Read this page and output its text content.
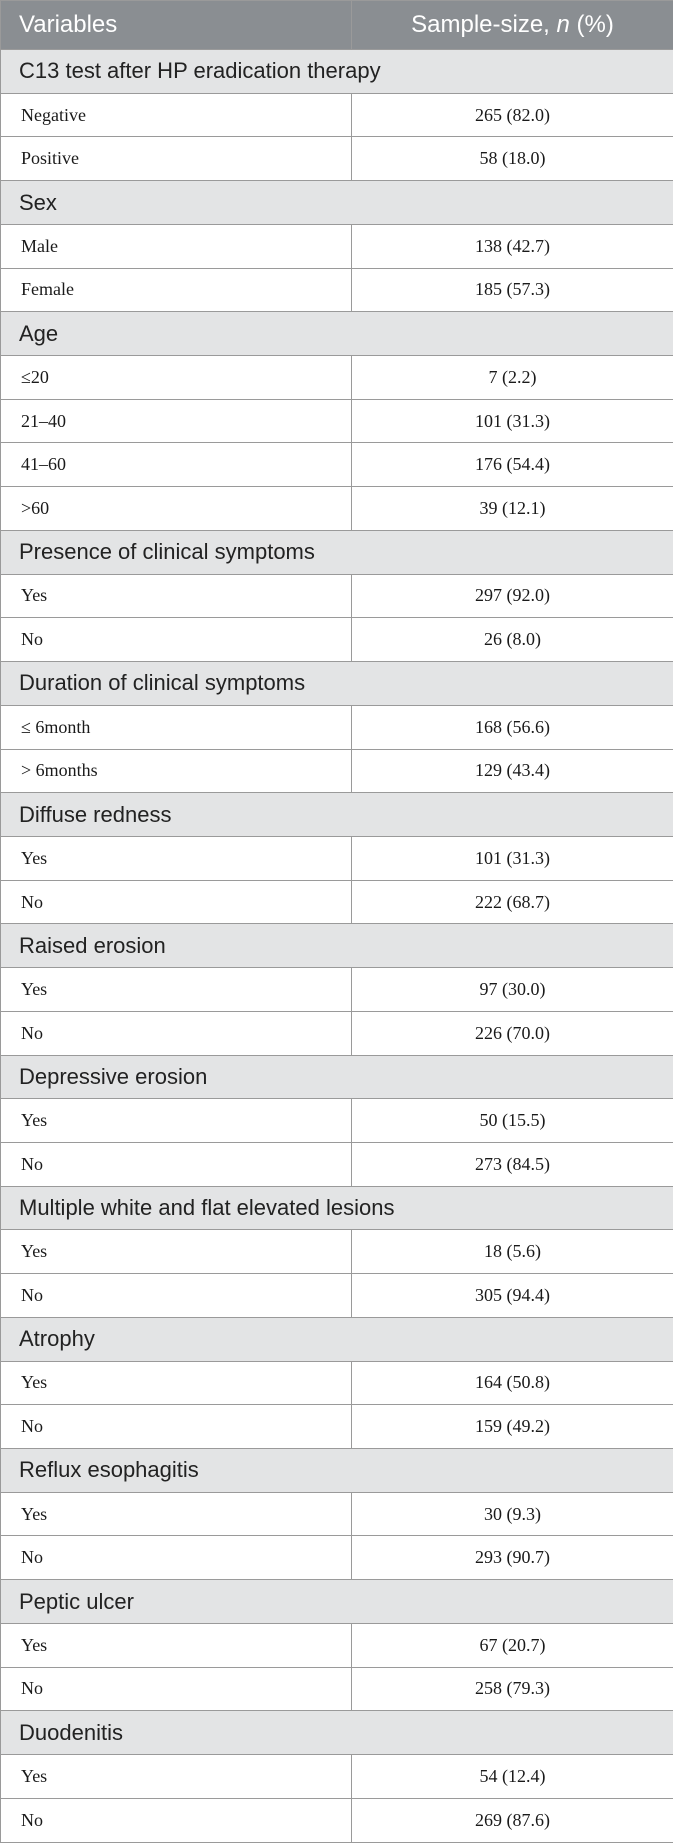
Variables	Sample-size, n (%)
C13 test after HP eradication therapy	
Negative	265 (82.0)
Positive	58 (18.0)
Sex	
Male	138 (42.7)
Female	185 (57.3)
Age	
≤20	7 (2.2)
21–40	101 (31.3)
41–60	176 (54.4)
>60	39 (12.1)
Presence of clinical symptoms	
Yes	297 (92.0)
No	26 (8.0)
Duration of clinical symptoms	
≤ 6month	168 (56.6)
> 6months	129 (43.4)
Diffuse redness	
Yes	101 (31.3)
No	222 (68.7)
Raised erosion	
Yes	97 (30.0)
No	226 (70.0)
Depressive erosion	
Yes	50 (15.5)
No	273 (84.5)
Multiple white and flat elevated lesions	
Yes	18 (5.6)
No	305 (94.4)
Atrophy	
Yes	164 (50.8)
No	159 (49.2)
Reflux esophagitis	
Yes	30 (9.3)
No	293 (90.7)
Peptic ulcer	
Yes	67 (20.7)
No	258 (79.3)
Duodenitis	
Yes	54 (12.4)
No	269 (87.6)
